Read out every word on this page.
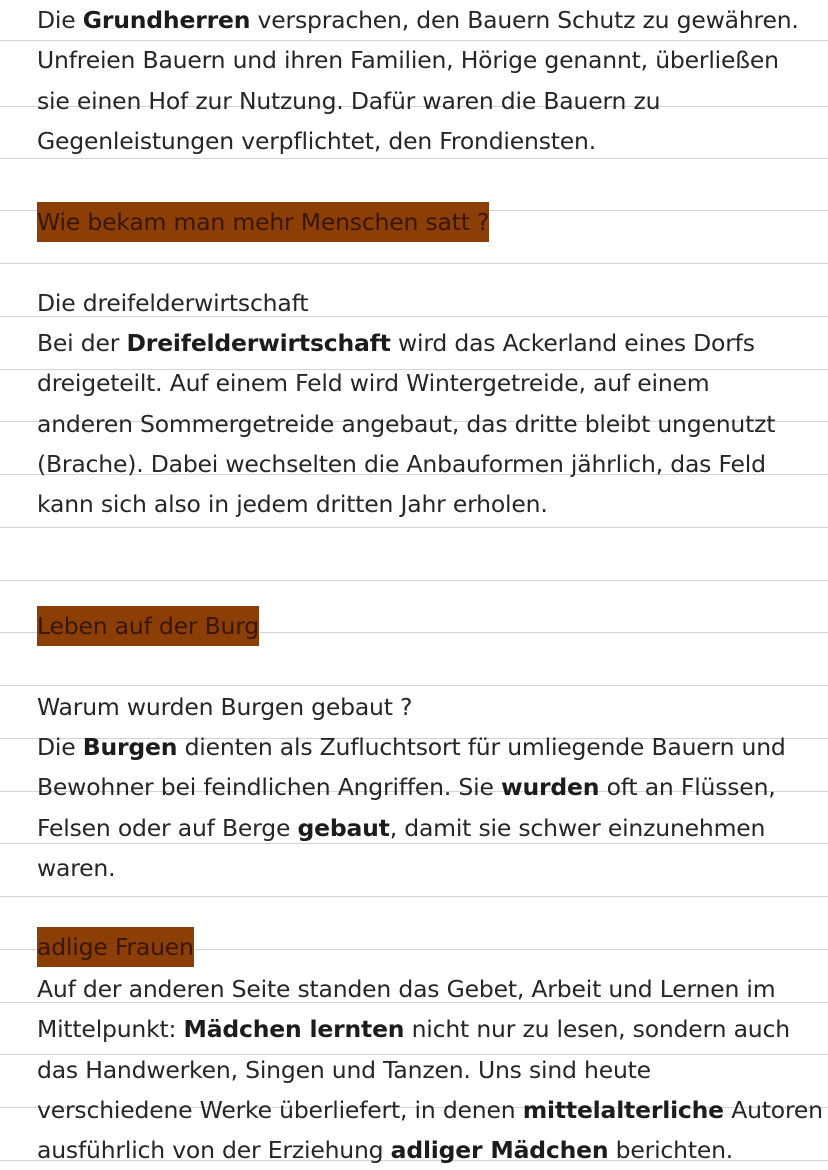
Die Grundherren versprachen, den Bauern Schutz zu gewähren.
Unfreien Bauern und ihren Familien, Hörige genannt, überließen
sie einen Hof zur Nutzung. Dafür waren die Bauern zu
Gegenleistungen verpflichtet, den Frondiensten.
Wie bekam man mehr Menschen satt ?
Die dreifelderwirtschaft
Bei der Dreifelderwirtschaft wird das Ackerland eines Dorfs
dreigeteilt. Auf einem Feld wird Wintergetreide, auf einem
anderen Sommergetreide angebaut, das dritte bleibt ungenutzt
(Brache). Dabei wechselten die Anbauformen jährlich, das Feld
kann sich also in jedem dritten Jahr erholen.
Leben auf der Burg
Warum wurden Burgen gebaut ?
Die Burgen dienten als Zufluchtsort für umliegende Bauern und
Bewohner bei feindlichen Angriffen. Sie wurden oft an Flüssen,
Felsen oder auf Berge gebaut, damit sie schwer einzunehmen
waren.
adlige Frauen
Auf der anderen Seite standen das Gebet, Arbeit und Lernen im
Mittelpunkt: Mädchen lernten nicht nur zu lesen, sondern auch
das Handwerken, Singen und Tanzen. Uns sind heute
verschiedene Werke überliefert, in denen mittelalterliche Autoren
ausführlich von der Erziehung adliger Mädchen berichten.
